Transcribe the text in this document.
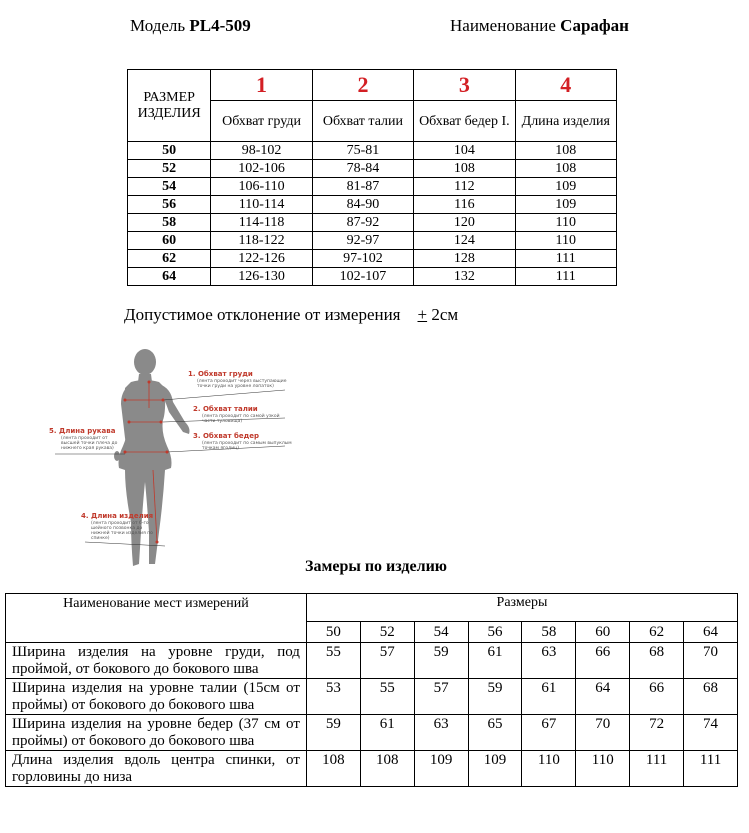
Модель PL4-509	Наименование Сарафан
РАЗМЕР ИЗДЕЛИЯ	1	2	3	4
	Обхват груди	Обхват талии	Обхват бедер I.	Длина изделия
50	98-102	75-81	104	108
52	102-106	78-84	108	108
54	106-110	81-87	112	109
56	110-114	84-90	116	109
58	114-118	87-92	120	110
60	118-122	92-97	124	110
62	122-126	97-102	128	111
64	126-130	102-107	132	111
Допустимое отклонение от измерения + 2см
1. Обхват груди
(лента проходит через выступающие точки груди на уровне лопаток)
2. Обхват талии
(лента проходит по самой узкой части туловища)
3. Обхват бедер
(лента проходит по самым выпуклым точкам ягодиц)
5. Длина рукава
(лента проходит от высшей точки плеча до нижнего края рукава)
4. Длина изделия
(лента проходит от 6-го шейного позвонка до нижней точки изделия по спинке)
Замеры по изделию
Наименование мест измерений	Размеры							
	50	52	54	56	58	60	62	64
Ширина изделия на уровне груди, под проймой, от бокового до бокового шва	55	57	59	61	63	66	68	70
Ширина изделия на уровне талии (15см от проймы) от бокового до бокового шва	53	55	57	59	61	64	66	68
Ширина изделия на уровне бедер (37 см от проймы) от бокового до бокового шва	59	61	63	65	67	70	72	74
Длина изделия вдоль центра спинки, от горловины до низа	108	108	109	109	110	110	111	111
